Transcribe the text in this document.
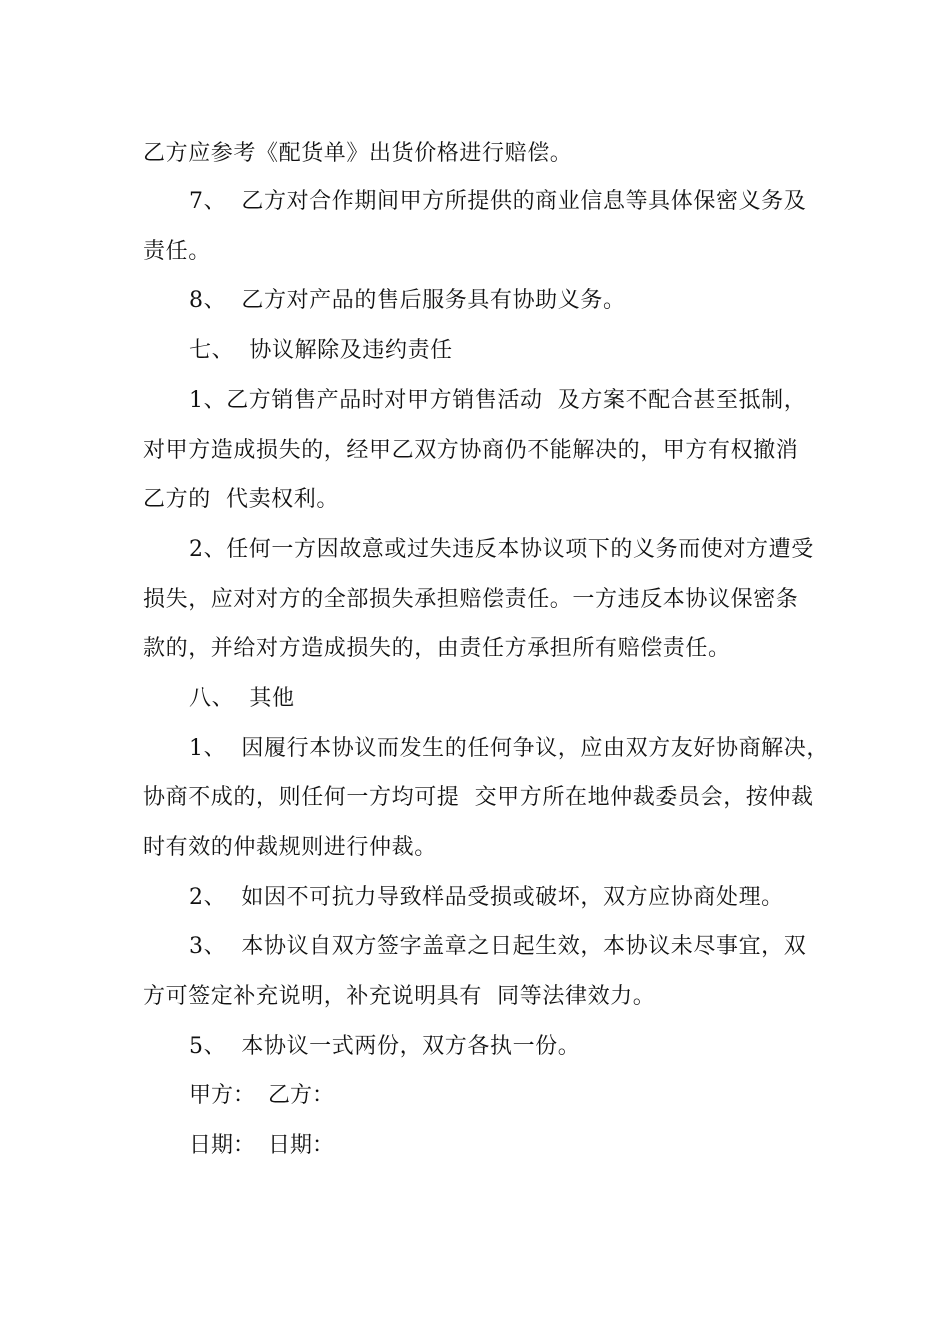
乙方应参考《配货单》出货价格进行赔偿。
7、  乙方对合作期间甲方所提供的商业信息等具体保密义务及
责任。
8、  乙方对产品的售后服务具有协助义务。
七、  协议解除及违约责任
1、乙方销售产品时对甲方销售活动  及方案不配合甚至抵制，
对甲方造成损失的，经甲乙双方协商仍不能解决的，甲方有权撤消
乙方的  代卖权利。
2、任何一方因故意或过失违反本协议项下的义务而使对方遭受
损失，应对对方的全部损失承担赔偿责任。一方违反本协议保密条
款的，并给对方造成损失的，由责任方承担所有赔偿责任。
八、  其他
1、  因履行本协议而发生的任何争议，应由双方友好协商解决，
协商不成的，则任何一方均可提  交甲方所在地仲裁委员会，按仲裁
时有效的仲裁规则进行仲裁。
2、  如因不可抗力导致样品受损或破坏，双方应协商处理。
3、  本协议自双方签字盖章之日起生效，本协议未尽事宜，双
方可签定补充说明，补充说明具有  同等法律效力。
5、  本协议一式两份，双方各执一份。
甲方： 乙方：
日期： 日期：
